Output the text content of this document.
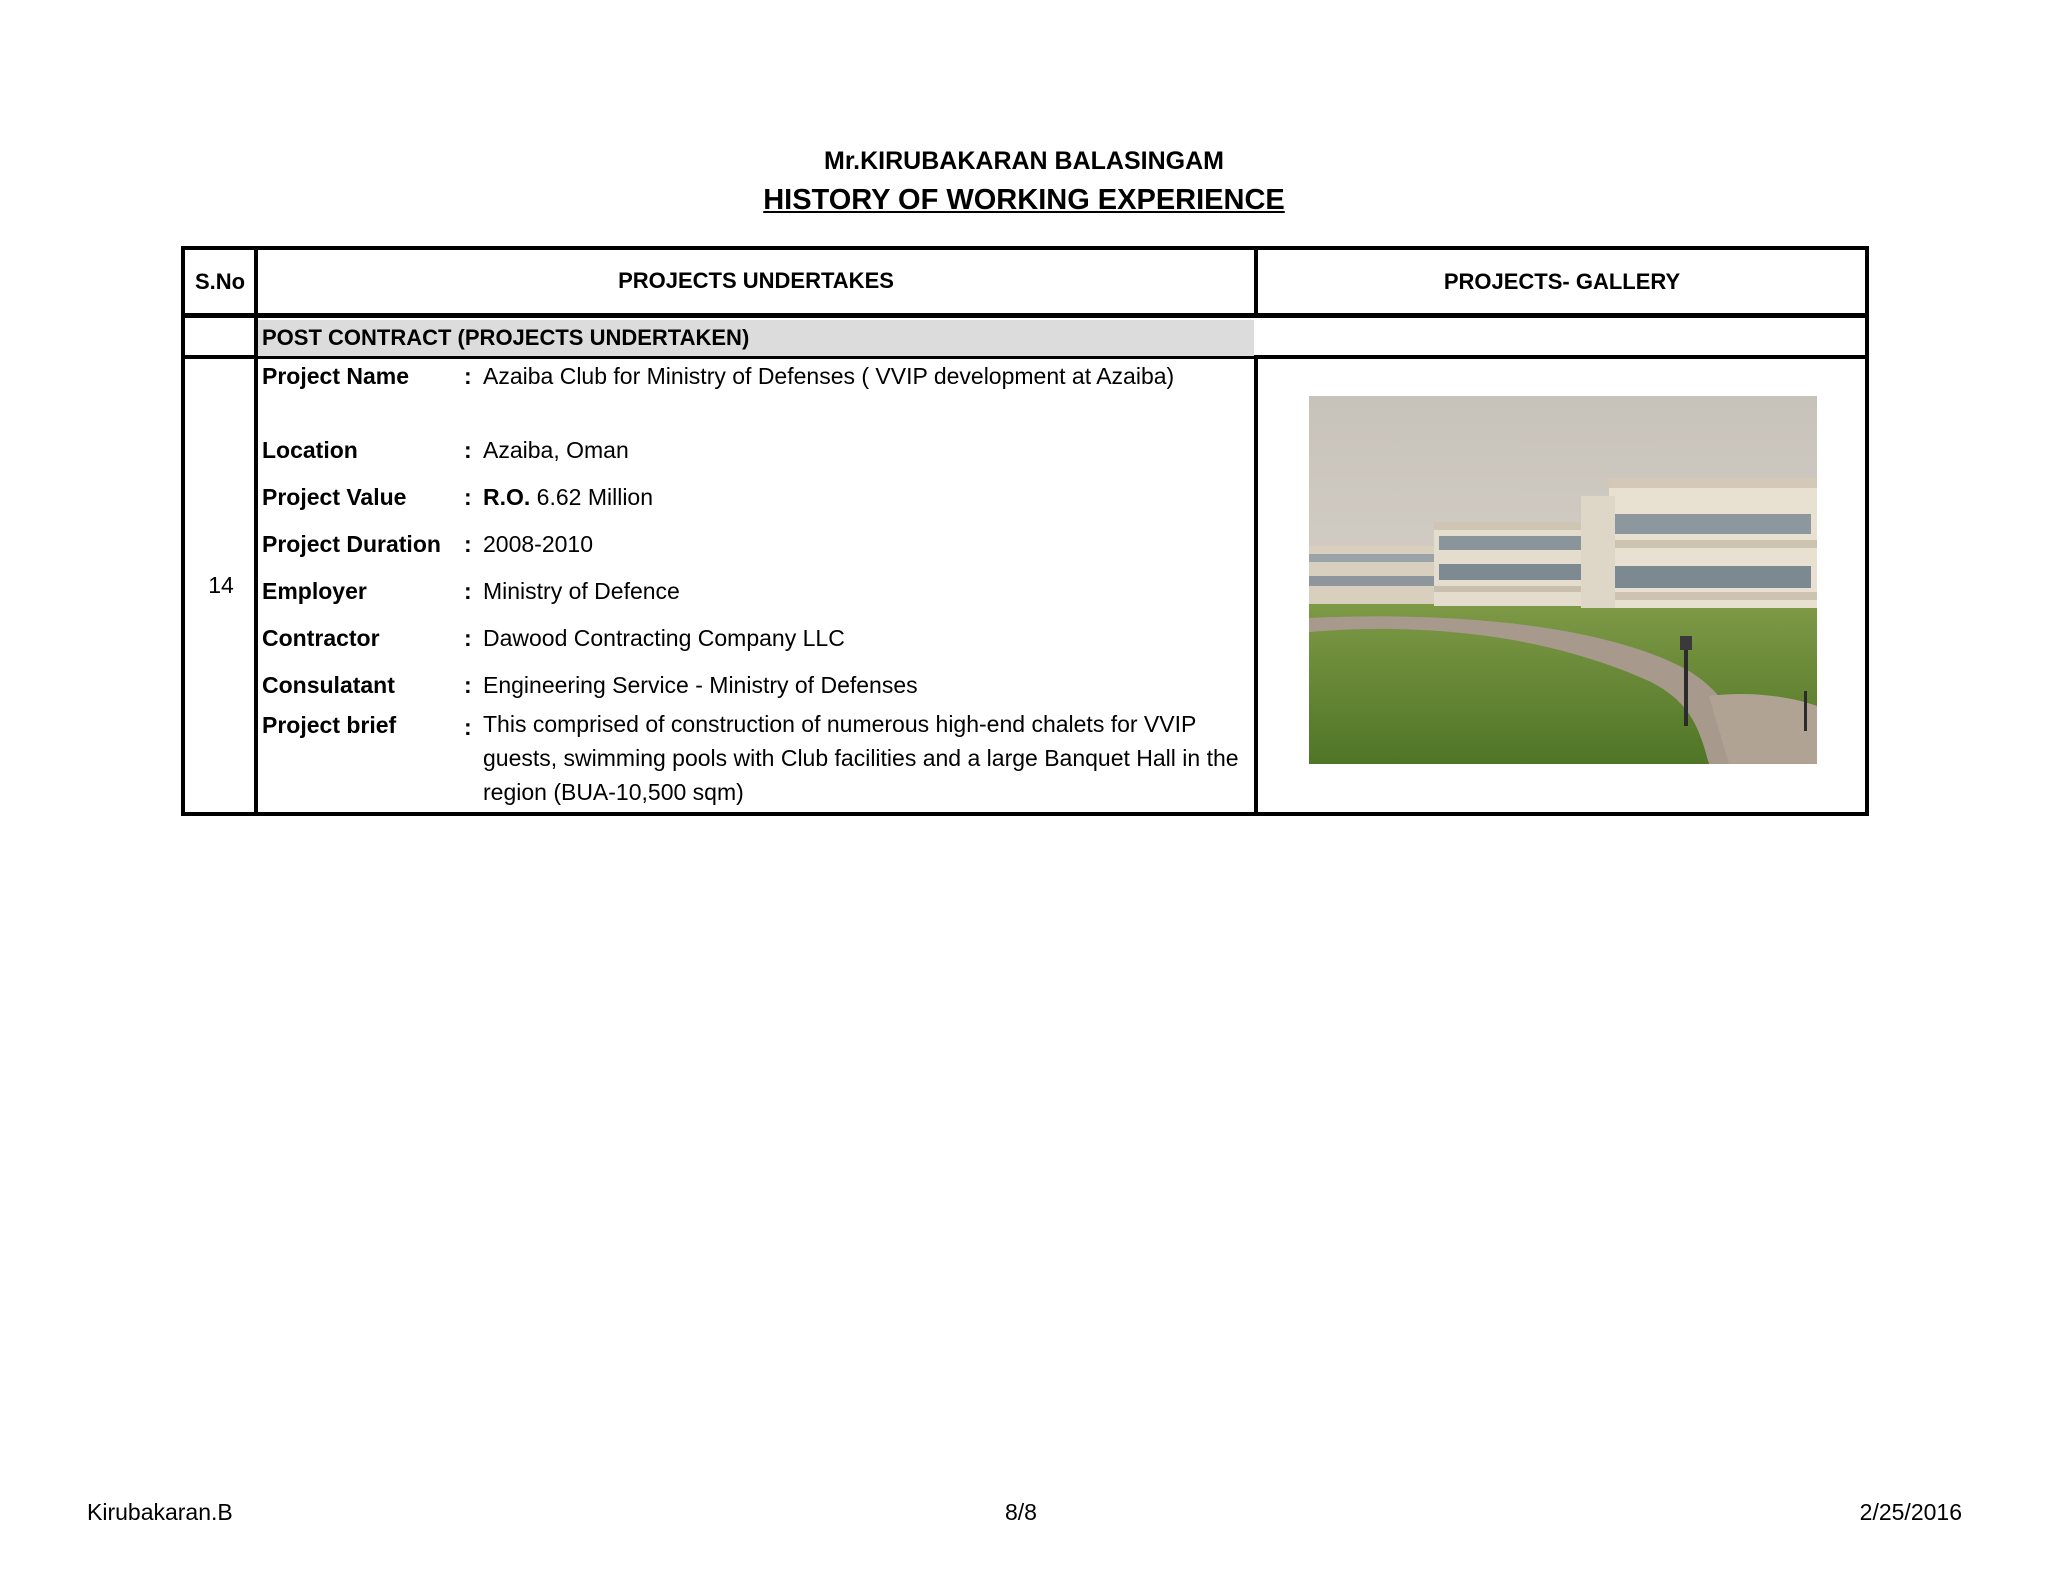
Mr.KIRUBAKARAN BALASINGAM
HISTORY OF WORKING EXPERIENCE
S.No	PROJECTS UNDERTAKES	PROJECTS- GALLERY
POST CONTRACT (PROJECTS UNDERTAKEN)
14
Project Name : Azaiba Club for Ministry of Defenses ( VVIP development at Azaiba)
Location	: Azaiba, Oman
Project Value	: R.O. 6.62 Million
Project Duration : 2008-2010
Employer	: Ministry of Defence
Contractor	: Dawood Contracting Company LLC
Consulatant	: Engineering Service - Ministry of Defenses
Project brief	: This comprised of construction of numerous high-end chalets for VVIP guests, swimming pools with Club facilities and a large Banquet Hall in the region (BUA-10,500 sqm)
Kirubakaran.B	8/8	2/25/2016
